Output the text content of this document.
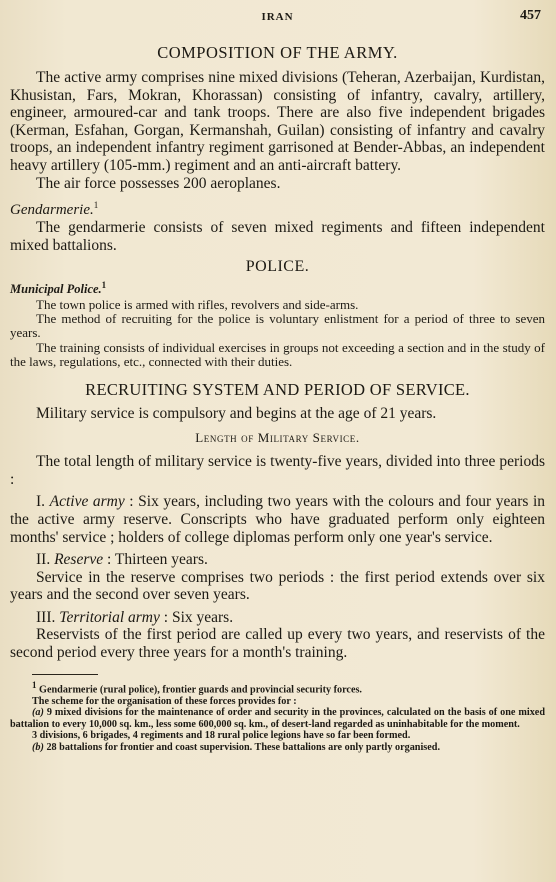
IRAN	457
COMPOSITION OF THE ARMY.

The active army comprises nine mixed divisions (Teheran, Azerbaijan, Kurdistan, Khusistan, Fars, Mokran, Khorassan) consisting of infantry, cavalry, artillery, engineer, armoured-car and tank troops. There are also five independent brigades (Kerman, Esfahan, Gorgan, Kermanshah, Guilan) consisting of infantry and cavalry troops, an independent infantry regiment garrisoned at Bender-Abbas, an independent heavy artillery (105-mm.) regiment and an anti-aircraft battery.

The air force possesses 200 aeroplanes.

Gendarmerie.$^1$

The gendarmerie consists of seven mixed regiments and fifteen independent mixed battalions.

POLICE.

Municipal Police.$^1$

The town police is armed with rifles, revolvers and side-arms.

The method of recruiting for the police is voluntary enlistment for a period of three to seven years.

The training consists of individual exercises in groups not exceeding a section and in the study of the laws, regulations, etc., connected with their duties.

RECRUITING SYSTEM AND PERIOD OF SERVICE.

Military service is compulsory and begins at the age of 21 years.

Length of Military Service.

The total length of military service is twenty-five years, divided into three periods :

I. Active army : Six years, including two years with the colours and four years in the active army reserve. Conscripts who have graduated perform only eighteen months' service ; holders of college diplomas perform only one year's service.

II. Reserve : Thirteen years.

Service in the reserve comprises two periods : the first period extends over six years and the second over seven years.

III. Territorial army : Six years.

Reservists of the first period are called up every two years, and reservists of the second period every three years for a month's training.

1 Gendarmerie (rural police), frontier guards and provincial security forces.

The scheme for the organisation of these forces provides for :

(a) 9 mixed divisions for the maintenance of order and security in the provinces, calculated on the basis of one mixed battalion to every 10,000 sq. km., less some 600,000 sq. km., of desert-land regarded as uninhabitable for the moment.

3 divisions, 6 brigades, 4 regiments and 18 rural police legions have so far been formed.

(b) 28 battalions for frontier and coast supervision. These battalions are only partly organised.
